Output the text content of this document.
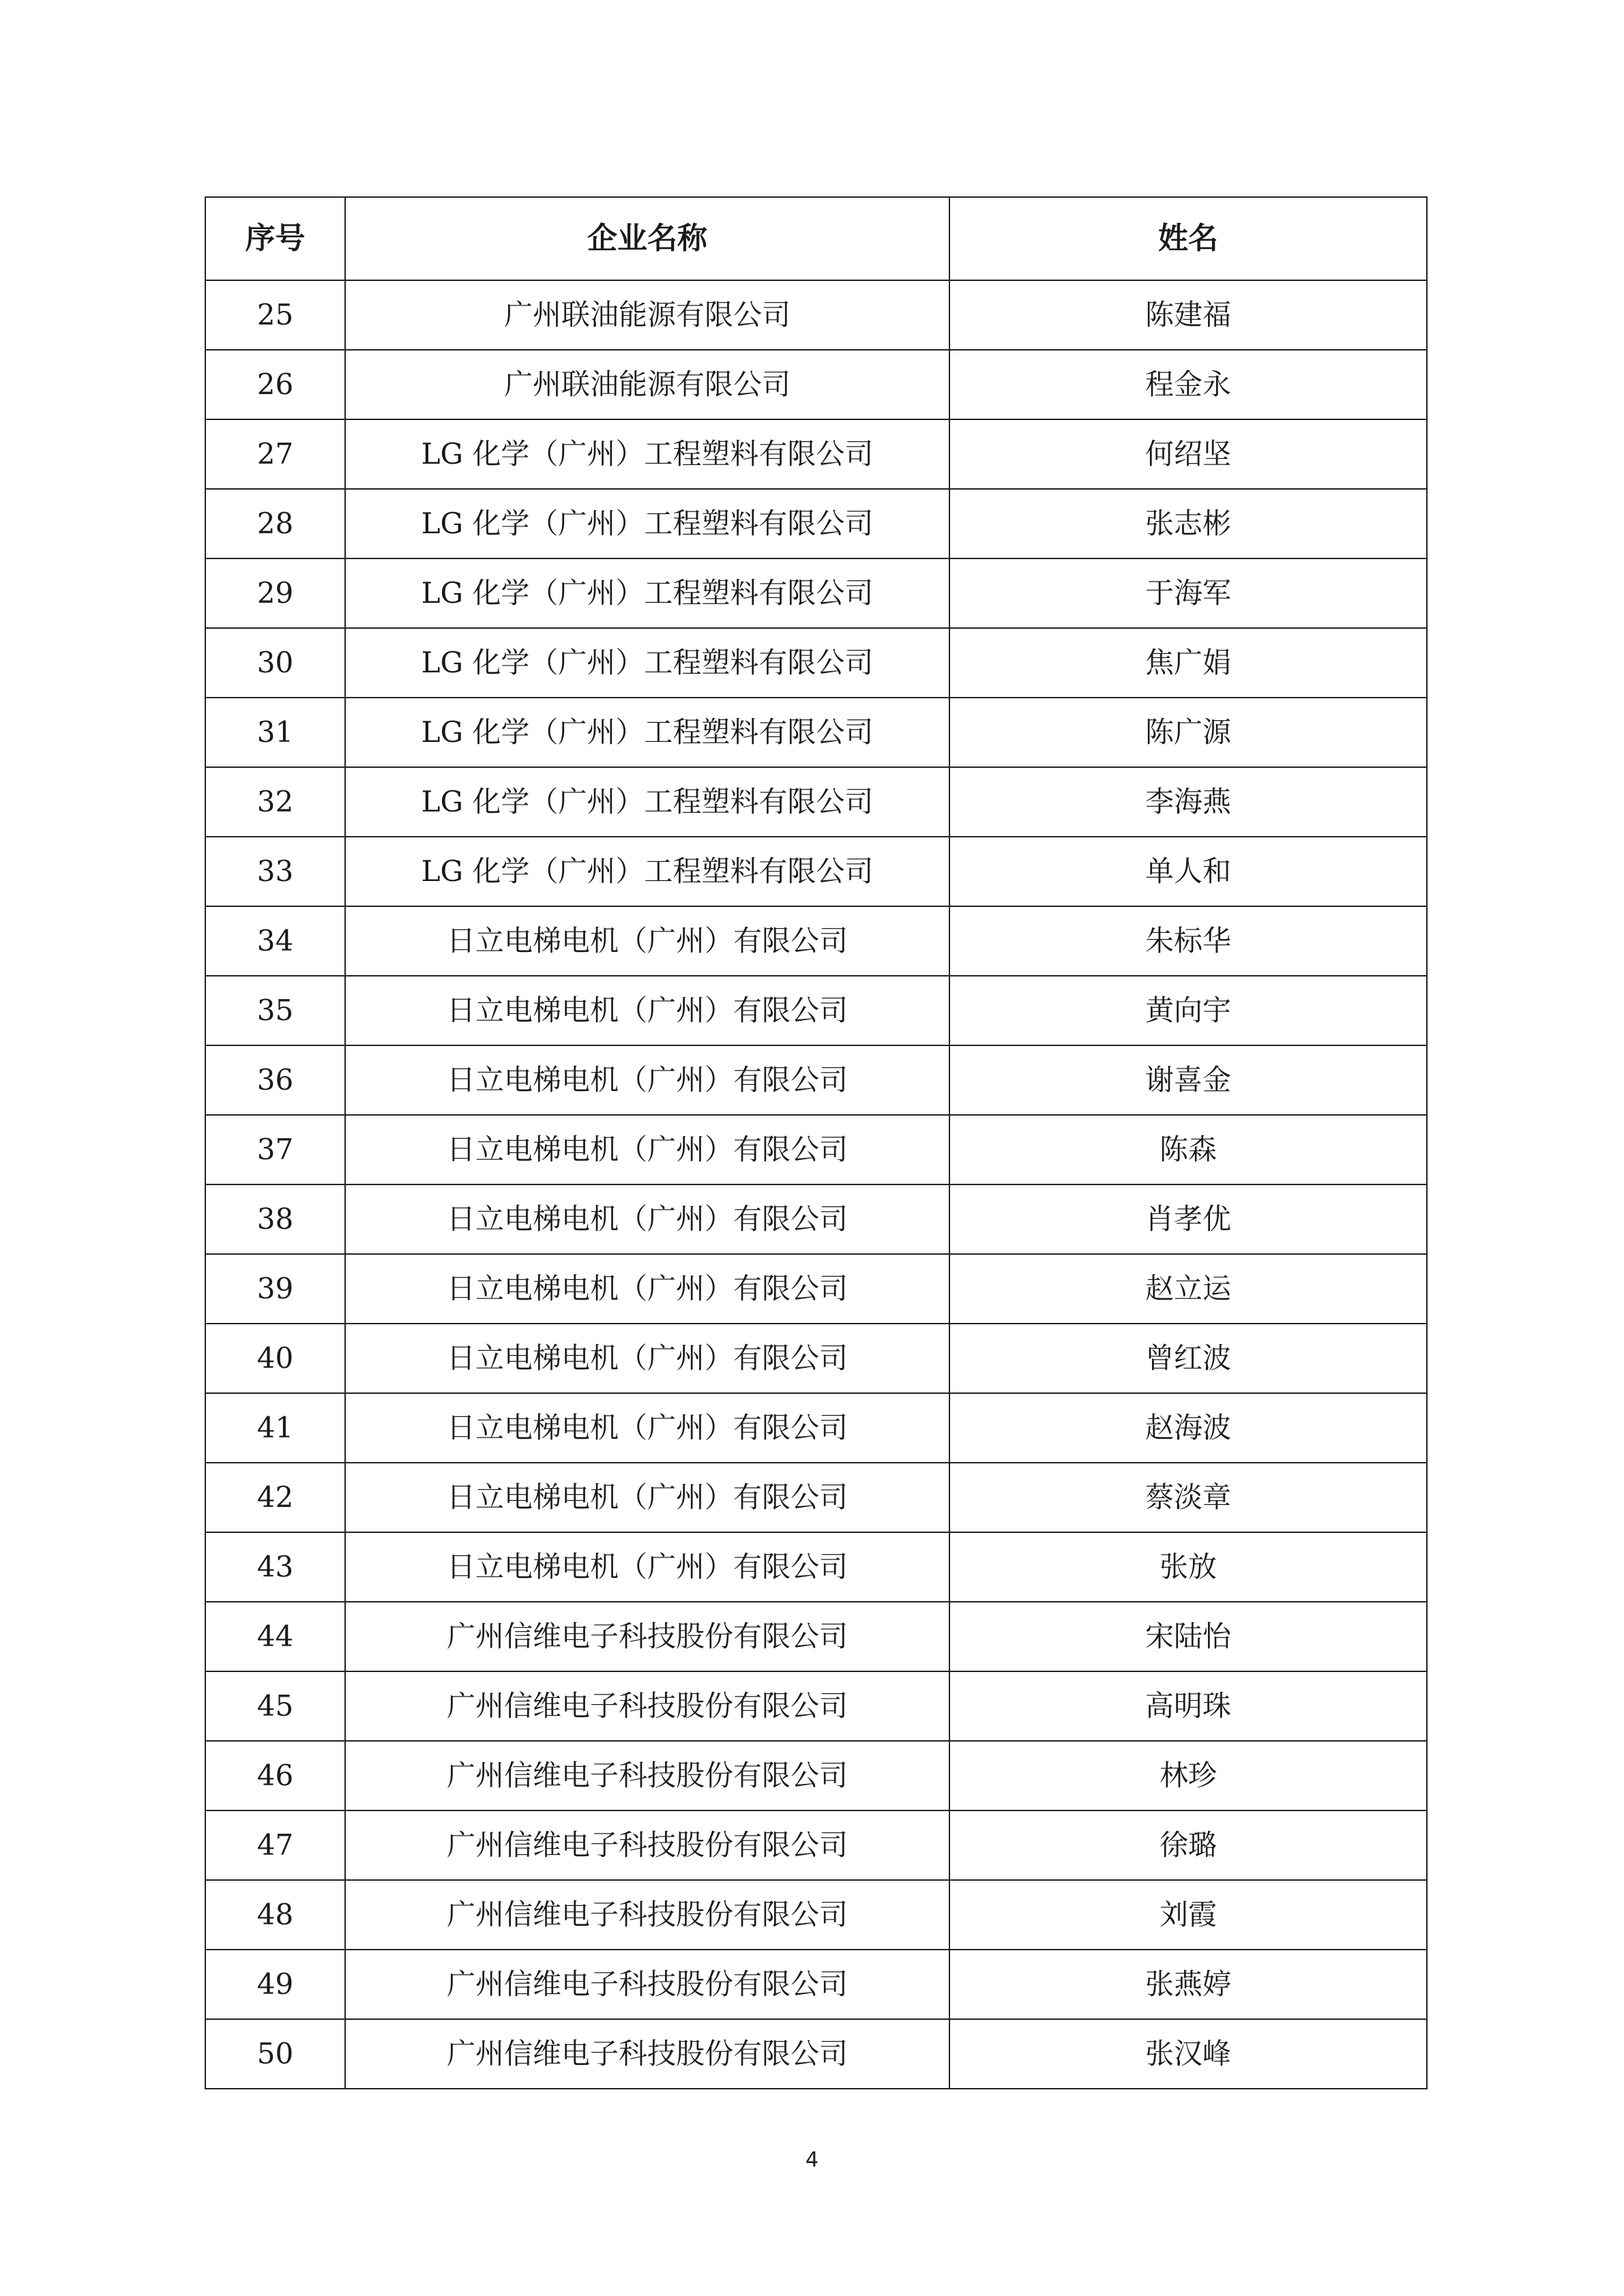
序号	企业名称	姓名
25	广州联油能源有限公司	陈建福
26	广州联油能源有限公司	程金永
27	LG 化学（广州）工程塑料有限公司	何绍坚
28	LG 化学（广州）工程塑料有限公司	张志彬
29	LG 化学（广州）工程塑料有限公司	于海军
30	LG 化学（广州）工程塑料有限公司	焦广娟
31	LG 化学（广州）工程塑料有限公司	陈广源
32	LG 化学（广州）工程塑料有限公司	李海燕
33	LG 化学（广州）工程塑料有限公司	单人和
34	日立电梯电机（广州）有限公司	朱标华
35	日立电梯电机（广州）有限公司	黄向宇
36	日立电梯电机（广州）有限公司	谢喜金
37	日立电梯电机（广州）有限公司	陈森
38	日立电梯电机（广州）有限公司	肖孝优
39	日立电梯电机（广州）有限公司	赵立运
40	日立电梯电机（广州）有限公司	曾红波
41	日立电梯电机（广州）有限公司	赵海波
42	日立电梯电机（广州）有限公司	蔡淡章
43	日立电梯电机（广州）有限公司	张放
44	广州信维电子科技股份有限公司	宋陆怡
45	广州信维电子科技股份有限公司	高明珠
46	广州信维电子科技股份有限公司	林珍
47	广州信维电子科技股份有限公司	徐璐
48	广州信维电子科技股份有限公司	刘霞
49	广州信维电子科技股份有限公司	张燕婷
50	广州信维电子科技股份有限公司	张汉峰
4
